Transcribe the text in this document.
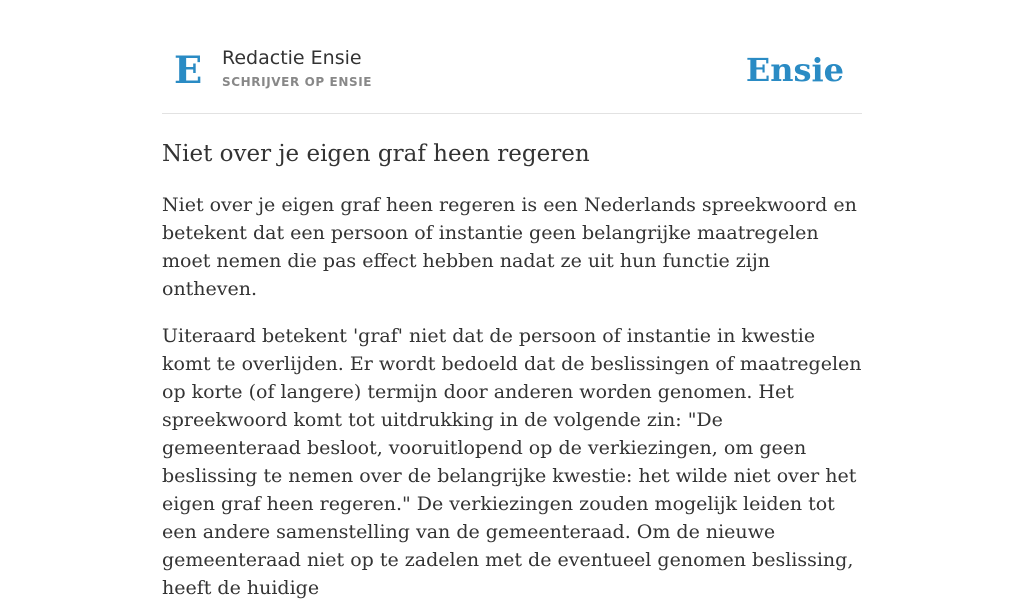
E Redactie Ensie
SCHRIJVER OP ENSIE	Ensie
Niet over je eigen graf heen regeren

Niet over je eigen graf heen regeren is een Nederlands spreekwoord en betekent dat een persoon of instantie geen belangrijke maatregelen moet nemen die pas effect hebben nadat ze uit hun functie zijn ontheven.

Uiteraard betekent 'graf' niet dat de persoon of instantie in kwestie komt te overlijden. Er wordt bedoeld dat de beslissingen of maatregelen op korte (of langere) termijn door anderen worden genomen. Het spreekwoord komt tot uitdrukking in de volgende zin: "De gemeenteraad besloot, vooruitlopend op de verkiezingen, om geen beslissing te nemen over de belangrijke kwestie: het wilde niet over het eigen graf heen regeren." De verkiezingen zouden mogelijk leiden tot een andere samenstelling van de gemeenteraad. Om de nieuwe gemeenteraad niet op te zadelen met de eventueel genomen beslissing, heeft de huidige
